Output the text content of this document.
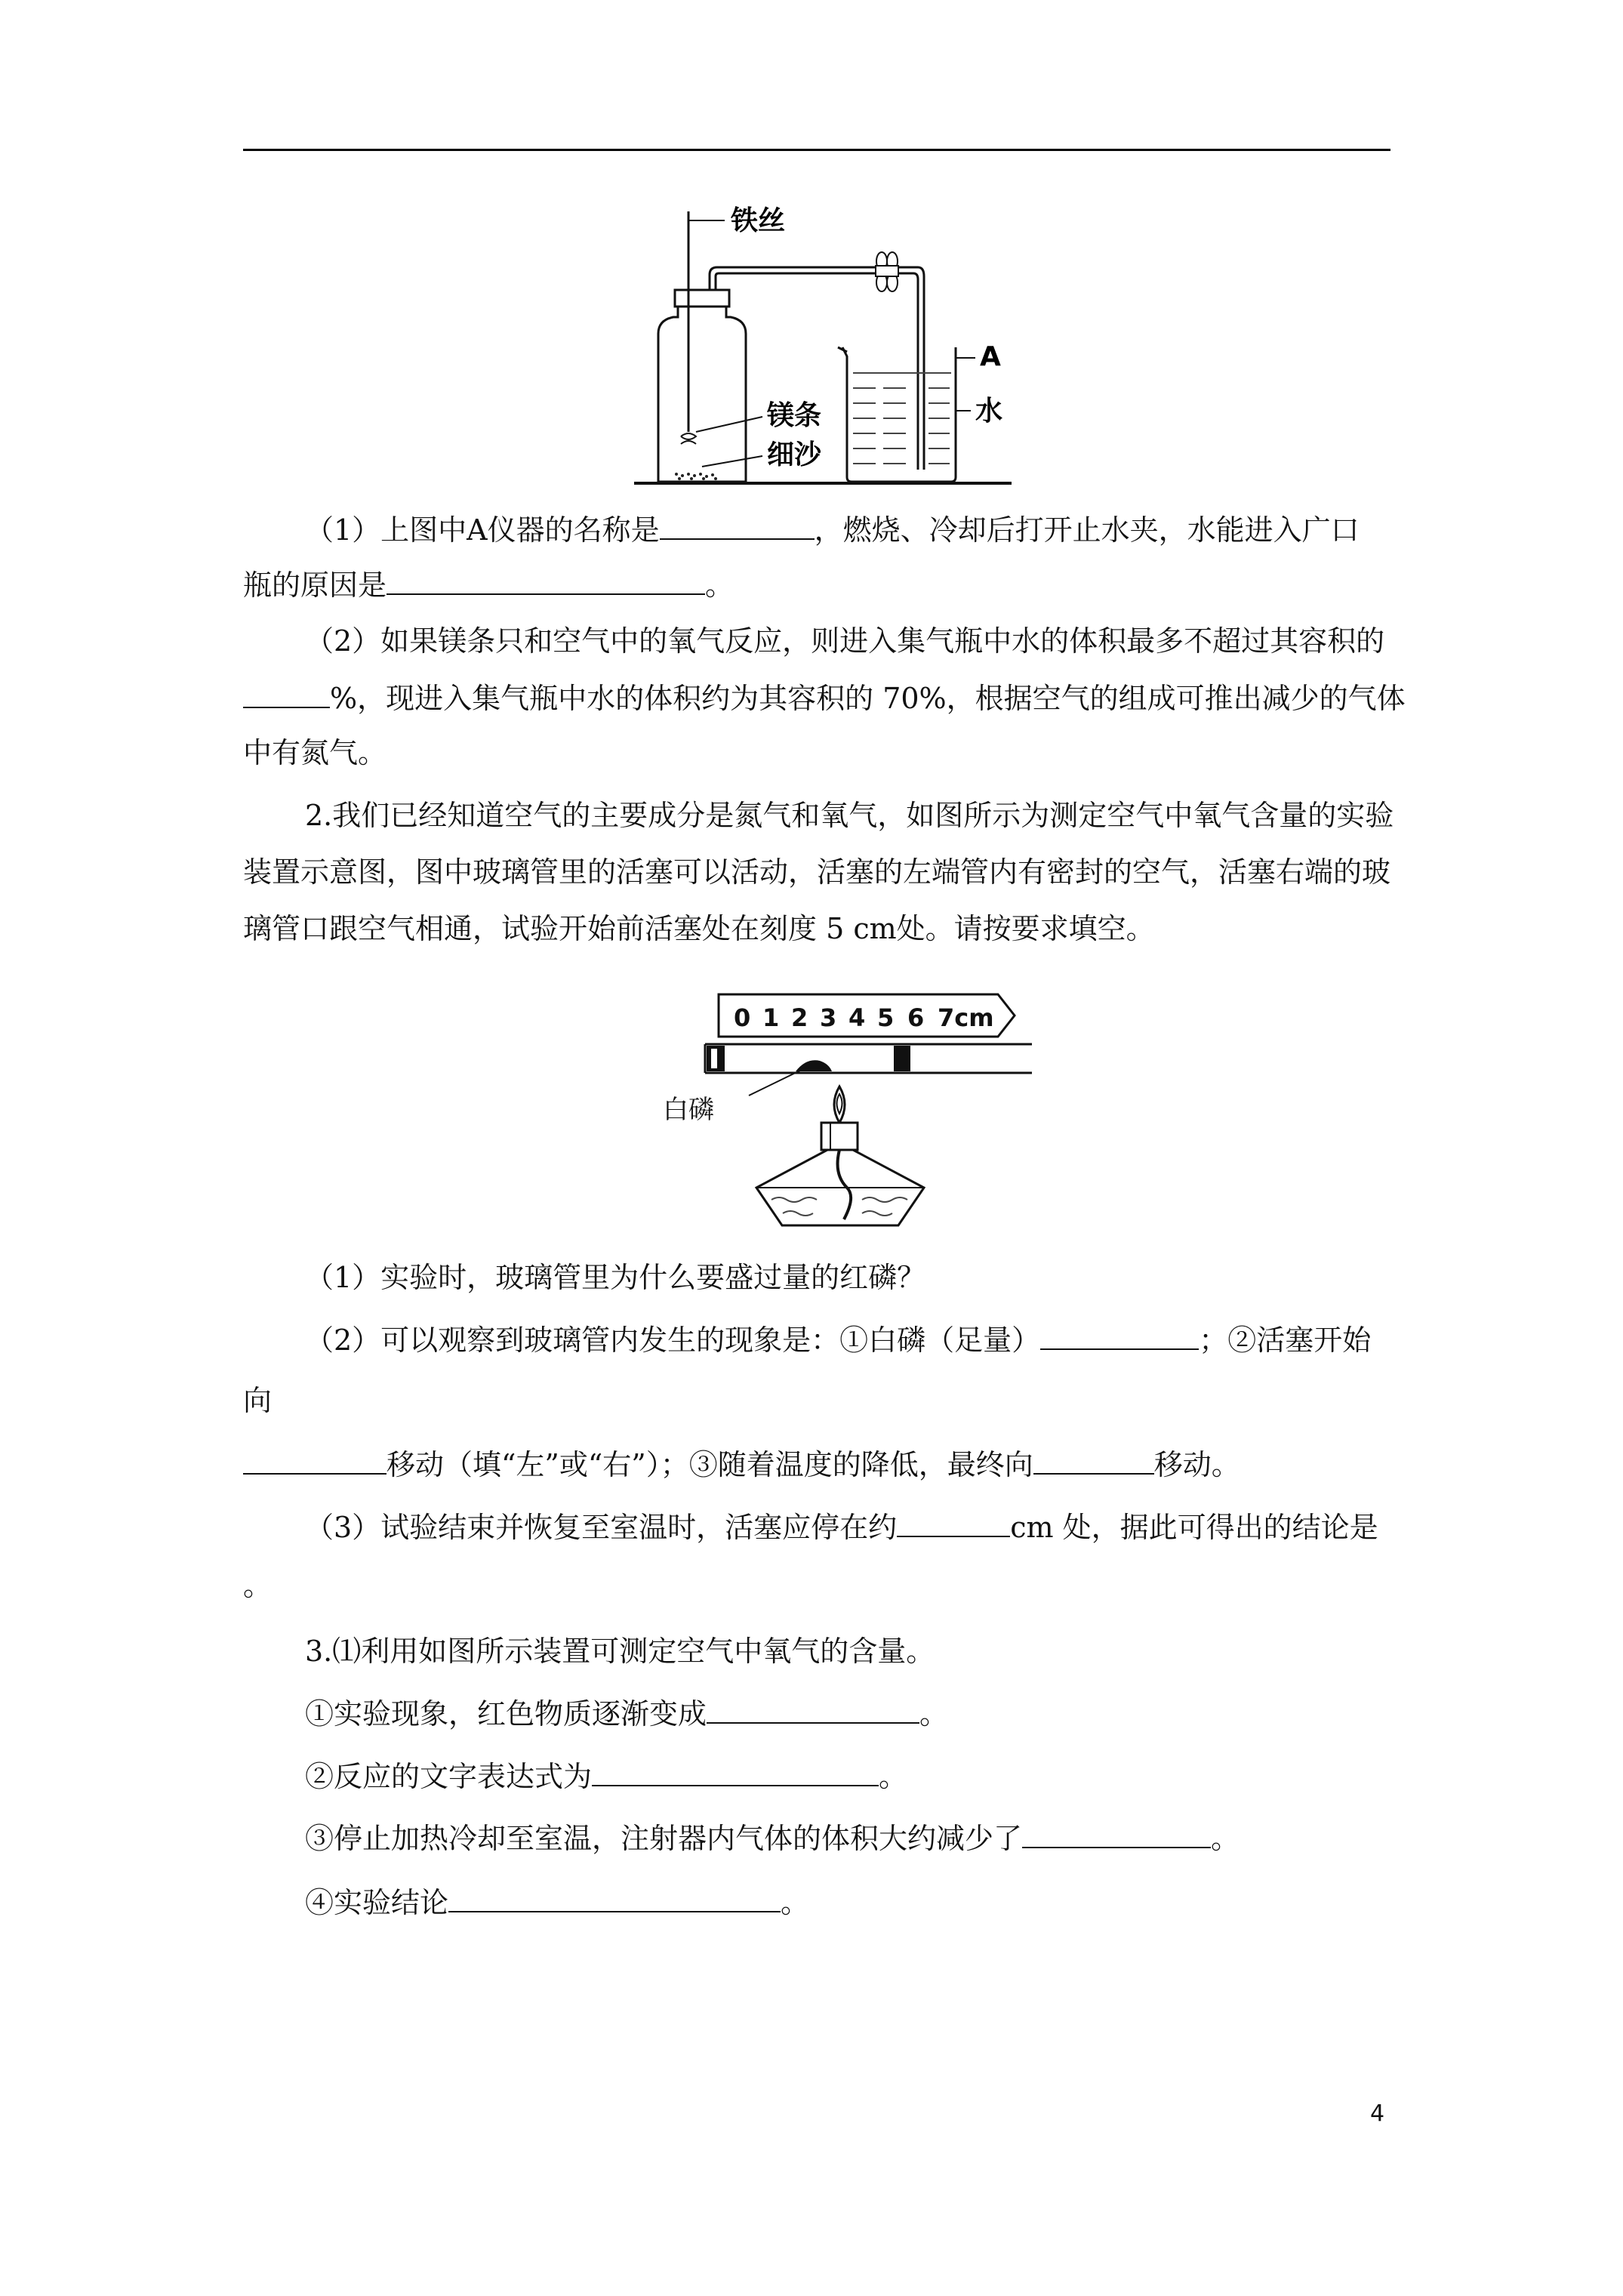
铁丝
A
水
镁条
细沙
（1）上图中A仪器的名称是	，燃烧、冷却后打开止水夹，水能进入广口
瓶的原因是	。
（2）如果镁条只和空气中的氧气反应，则进入集气瓶中水的体积最多不超过其容积的
%，现进入集气瓶中水的体积约为其容积的 70%，根据空气的组成可推出减少的气体
中有氮气。
2.我们已经知道空气的主要成分是氮气和氧气，如图所示为测定空气中氧气含量的实验
装置示意图，图中玻璃管里的活塞可以活动，活塞的左端管内有密封的空气，活塞右端的玻
璃管口跟空气相通，试验开始前活塞处在刻度 5 cm处。请按要求填空。
0 1 2 3 4 5 6 7cm
白磷
（1）实验时，玻璃管里为什么要盛过量的红磷？
（2）可以观察到玻璃管内发生的现象是：①白磷（足量）	；②活塞开始
向
移动（填“左”或“右”）；③随着温度的降低，最终向	移动。
（3）试验结束并恢复至室温时，活塞应停在约	cm 处，据此可得出的结论是
。
3.⑴利用如图所示装置可测定空气中氧气的含量。
①实验现象，红色物质逐渐变成	。
②反应的文字表达式为	。
③停止加热冷却至室温，注射器内气体的体积大约减少了	。
④实验结论	。
4
